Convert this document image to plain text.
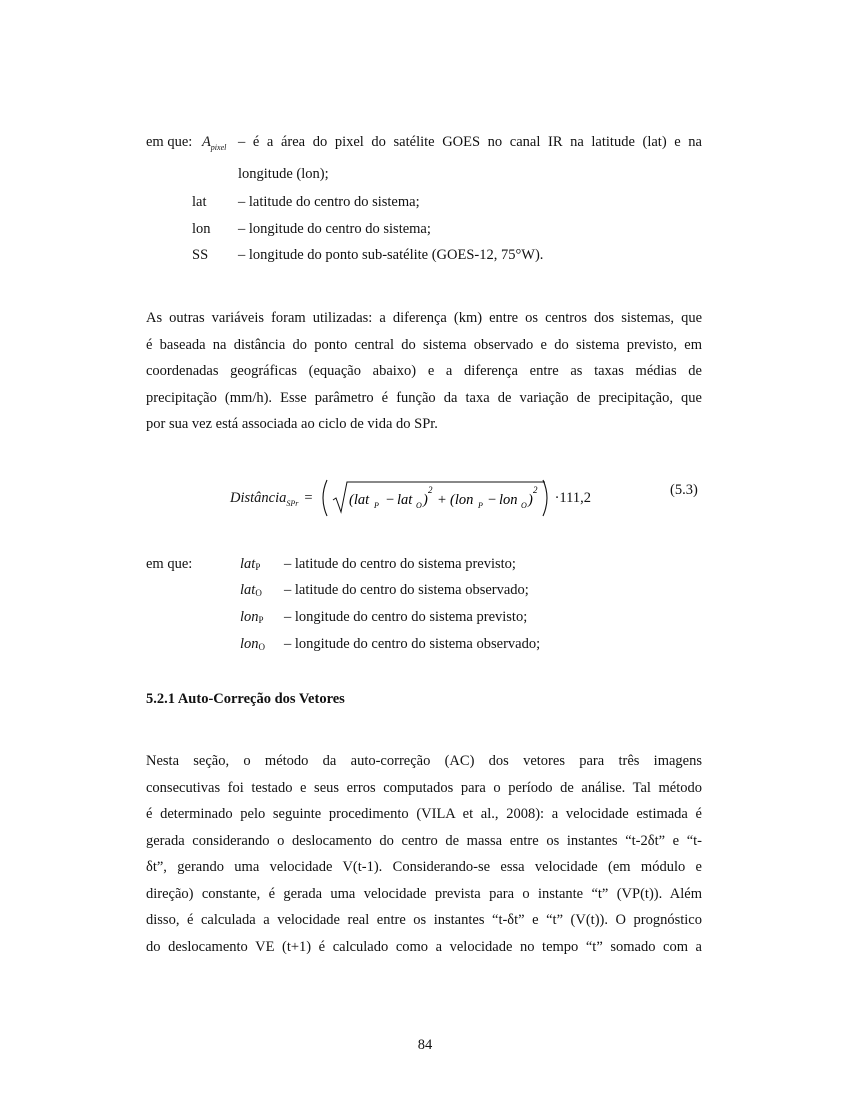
em que: $A_{pixel}$ – é a área do pixel do satélite GOES no canal IR na latitude (lat) e na
longitude (lon);
lat – latitude do centro do sistema;
lon – longitude do centro do sistema;
SS – longitude do ponto sub-satélite (GOES-12, 75°W).
As outras variáveis foram utilizadas: a diferença (km) entre os centros dos sistemas, que
é baseada na distância do ponto central do sistema observado e do sistema previsto, em
coordenadas geográficas (equação abaixo) e a diferença entre as taxas médias de
precipitação (mm/h). Esse parâmetro é função da taxa de variação de precipitação, que
por sua vez está associada ao ciclo de vida do SPr.
Distância$_{SPr}$ = (lat P − lat O )
2
+ (lon P − lon O )
2 ·111,2	(5.3)
em que:	latP – latitude do centro do sistema previsto;
latO – latitude do centro do sistema observado;
lonP – longitude do centro do sistema previsto;
lonO – longitude do centro do sistema observado;
5.2.1 Auto-Correção dos Vetores
Nesta seção, o método da auto-correção (AC) dos vetores para três imagens
consecutivas foi testado e seus erros computados para o período de análise. Tal método
é determinado pelo seguinte procedimento (VILA et al., 2008): a velocidade estimada é
gerada considerando o deslocamento do centro de massa entre os instantes “t-2δt” e “t-
δt”, gerando uma velocidade V(t-1). Considerando-se essa velocidade (em módulo e
direção) constante, é gerada uma velocidade prevista para o instante “t” (VP(t)). Além
disso, é calculada a velocidade real entre os instantes “t-δt” e “t” (V(t)). O prognóstico
do deslocamento VE (t+1) é calculado como a velocidade no tempo “t” somado com a
84
